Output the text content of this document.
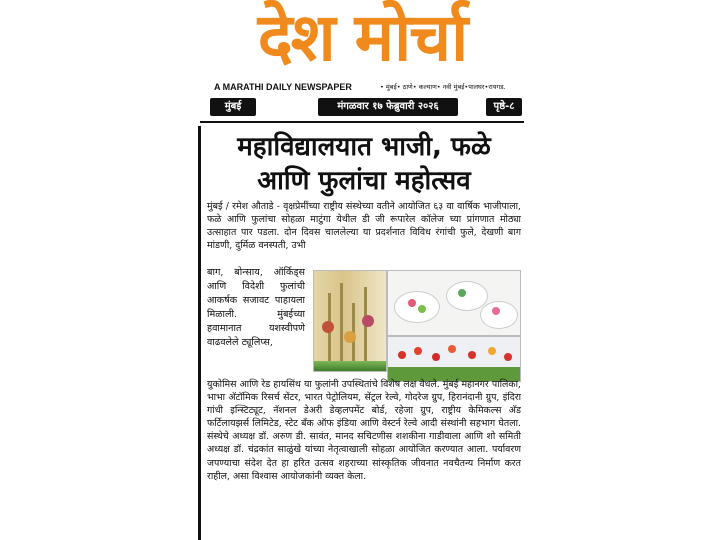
देश मोर्चा
A MARATHI DAILY NEWSPAPER	• मुंबई• ठाणे• कल्याण• नवी मुंबई•पालघर•रायगड.
मुंबई	मंगळवार १७ फेब्रुवारी २०२६	पृष्ठे-८
महाविद्यालयात भाजी, फळे
आणि फुलांचा महोत्सव
मुंबई / रमेश औताडे - वृक्षप्रेमींच्या राष्ट्रीय संस्थेच्या वतीने आयोजित ६३ वा वार्षिक भाजीपाला, फळे आणि फुलांचा सोहळा माटुंगा येथील डी जी रूपारेल कॉलेज च्या प्रांगणात मोठ्या उत्साहात पार पडला. दोन दिवस चाललेल्या या प्रदर्शनात विविध रंगांची फुले, देखणी बाग मांडणी, दुर्मिळ वनस्पती, उभी
बाग, बोन्साय, ऑर्किड्स आणि विदेशी फुलांची आकर्षक सजावट पाहायला मिळाली. मुंबईच्या हवामानात यशस्वीपणे वाढवलेले ट्यूलिप्स,
युकोमिस आणि रेड हायसिंथ या फुलांनी उपस्थितांचे विशेष लक्ष वेधले. मुंबई महानगर पालिका, भाभा अ‍ॅटॉमिक रिसर्च सेंटर, भारत पेट्रोलियम, सेंट्रल रेल्वे, गोदरेज ग्रुप, हिरानंदानी ग्रुप, इंदिरा गांधी इन्स्टिट्यूट, नॅशनल डेअरी डेव्हलपमेंट बोर्ड, रहेजा ग्रुप, राष्ट्रीय केमिकल्स अ‍ॅड फर्टिलायझर्स लिमिटेड, स्टेट बँक ऑफ इंडिया आणि वेस्टर्न रेल्वे आदी संस्थांनी सहभाग घेतला. संस्थेचे अध्यक्ष डॉ. अरुण डी. सावंत, मानद सचिटणीस शशकीना गाडीवाला आणि शो समिती अध्यक्ष डॉ. चंद्रकांत साळुंखे यांच्या नेतृत्वाखाली सोहळा आयोजित करण्यात आला. पर्यावरण जपण्याचा संदेश देत हा हरित उत्सव शहराच्या सांस्कृतिक जीवनात नवचैतन्य निर्माण करत राहील, असा विश्वास आयोजकांनी व्यक्त केला.
